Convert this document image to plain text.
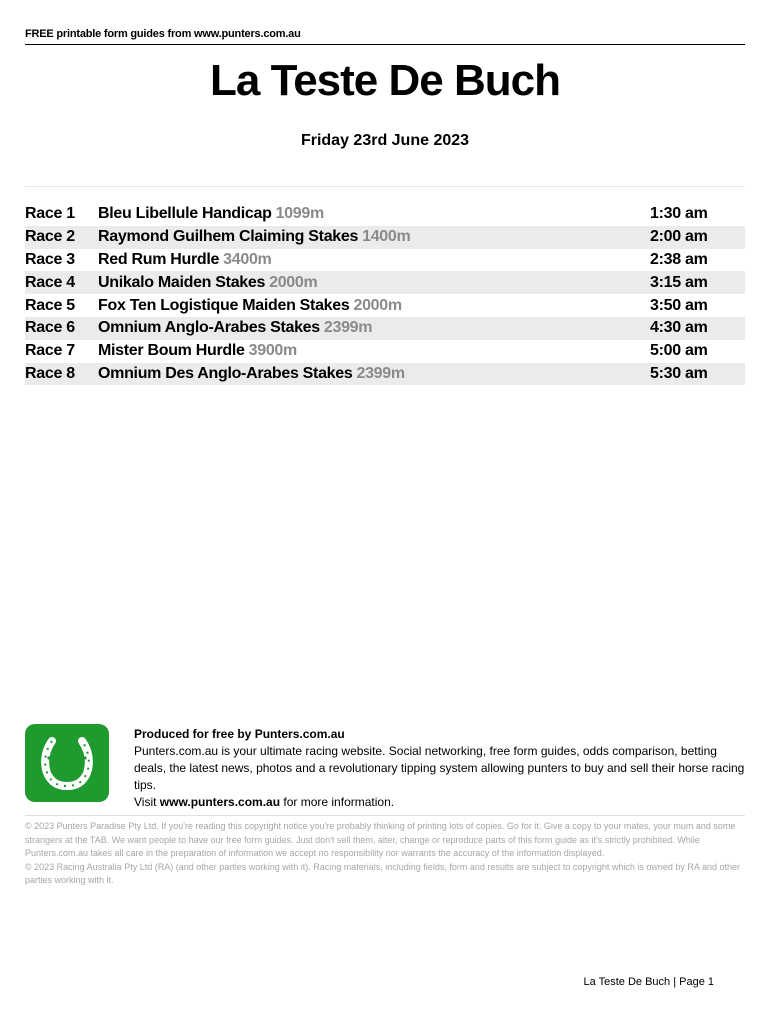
FREE printable form guides from www.punters.com.au
La Teste De Buch
Friday 23rd June 2023
Race 1	Bleu Libellule Handicap 1099m	1:30 am
Race 2	Raymond Guilhem Claiming Stakes 1400m	2:00 am
Race 3	Red Rum Hurdle 3400m	2:38 am
Race 4	Unikalo Maiden Stakes 2000m	3:15 am
Race 5	Fox Ten Logistique Maiden Stakes 2000m	3:50 am
Race 6	Omnium Anglo-Arabes Stakes 2399m	4:30 am
Race 7	Mister Boum Hurdle 3900m	5:00 am
Race 8	Omnium Des Anglo-Arabes Stakes 2399m	5:30 am
Produced for free by Punters.com.au
Punters.com.au is your ultimate racing website. Social networking, free form guides, odds comparison, betting deals, the latest news, photos and a revolutionary tipping system allowing punters to buy and sell their horse racing tips.
Visit www.punters.com.au for more information.

© 2023 Punters Paradise Pty Ltd. If you're reading this copyright notice you're probably thinking of printing lots of copies. Go for it. Give a copy to your mates, your mum and some strangers at the TAB. We want people to have our free form guides. Just don't sell them, alter, change or reproduce parts of this form guide as it's strictly prohibited. While Punters.com.au takes all care in the preparation of information we accept no responsibility nor warrants the accuracy of the information displayed.

© 2023 Racing Australia Pty Ltd (RA) (and other parties working with it). Racing materials, including fields, form and results are subject to copyright which is owned by RA and other parties working with it.

La Teste De Buch | Page 1
